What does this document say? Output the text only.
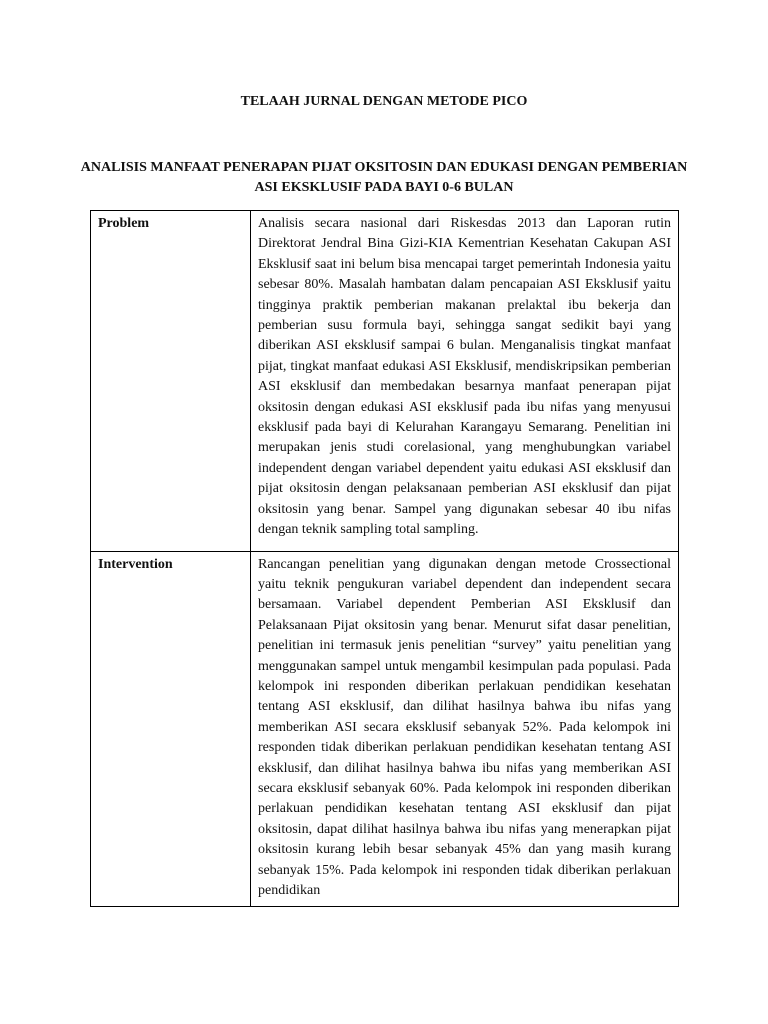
TELAAH JURNAL DENGAN METODE PICO
ANALISIS MANFAAT PENERAPAN PIJAT OKSITOSIN DAN EDUKASI DENGAN PEMBERIAN ASI EKSKLUSIF PADA BAYI 0-6 BULAN
Problem	Analisis secara nasional dari Riskesdas 2013 dan Laporan rutin Direktorat Jendral Bina Gizi-KIA Kementrian Kesehatan Cakupan ASI Eksklusif saat ini belum bisa mencapai target pemerintah Indonesia yaitu sebesar 80%. Masalah hambatan dalam pencapaian ASI Eksklusif yaitu tingginya praktik pemberian makanan prelaktal ibu bekerja dan pemberian susu formula bayi, sehingga sangat sedikit bayi yang diberikan ASI eksklusif sampai 6 bulan. Menganalisis tingkat manfaat pijat, tingkat manfaat edukasi ASI Eksklusif, mendiskripsikan pemberian ASI eksklusif dan membedakan besarnya manfaat penerapan pijat oksitosin dengan edukasi ASI eksklusif pada ibu nifas yang menyusui eksklusif pada bayi di Kelurahan Karangayu Semarang. Penelitian ini merupakan jenis studi corelasional, yang menghubungkan variabel independent dengan variabel dependent yaitu edukasi ASI eksklusif dan pijat oksitosin dengan pelaksanaan pemberian ASI eksklusif dan pijat oksitosin yang benar. Sampel yang digunakan sebesar 40 ibu nifas dengan teknik sampling total sampling.
Intervention	Rancangan penelitian yang digunakan dengan metode Crossectional yaitu teknik pengukuran variabel dependent dan independent secara bersamaan. Variabel dependent Pemberian ASI Eksklusif dan Pelaksanaan Pijat oksitosin yang benar. Menurut sifat dasar penelitian, penelitian ini termasuk jenis penelitian “survey” yaitu penelitian yang menggunakan sampel untuk mengambil kesimpulan pada populasi. Pada kelompok ini responden diberikan perlakuan pendidikan kesehatan tentang ASI eksklusif, dan dilihat hasilnya bahwa ibu nifas yang memberikan ASI secara eksklusif sebanyak 52%. Pada kelompok ini responden tidak diberikan perlakuan pendidikan kesehatan tentang ASI eksklusif, dan dilihat hasilnya bahwa ibu nifas yang memberikan ASI secara eksklusif sebanyak 60%. Pada kelompok ini responden diberikan perlakuan pendidikan kesehatan tentang ASI eksklusif dan pijat oksitosin, dapat dilihat hasilnya bahwa ibu nifas yang menerapkan pijat oksitosin kurang lebih besar sebanyak 45% dan yang masih kurang sebanyak 15%. Pada kelompok ini responden tidak diberikan perlakuan pendidikan
